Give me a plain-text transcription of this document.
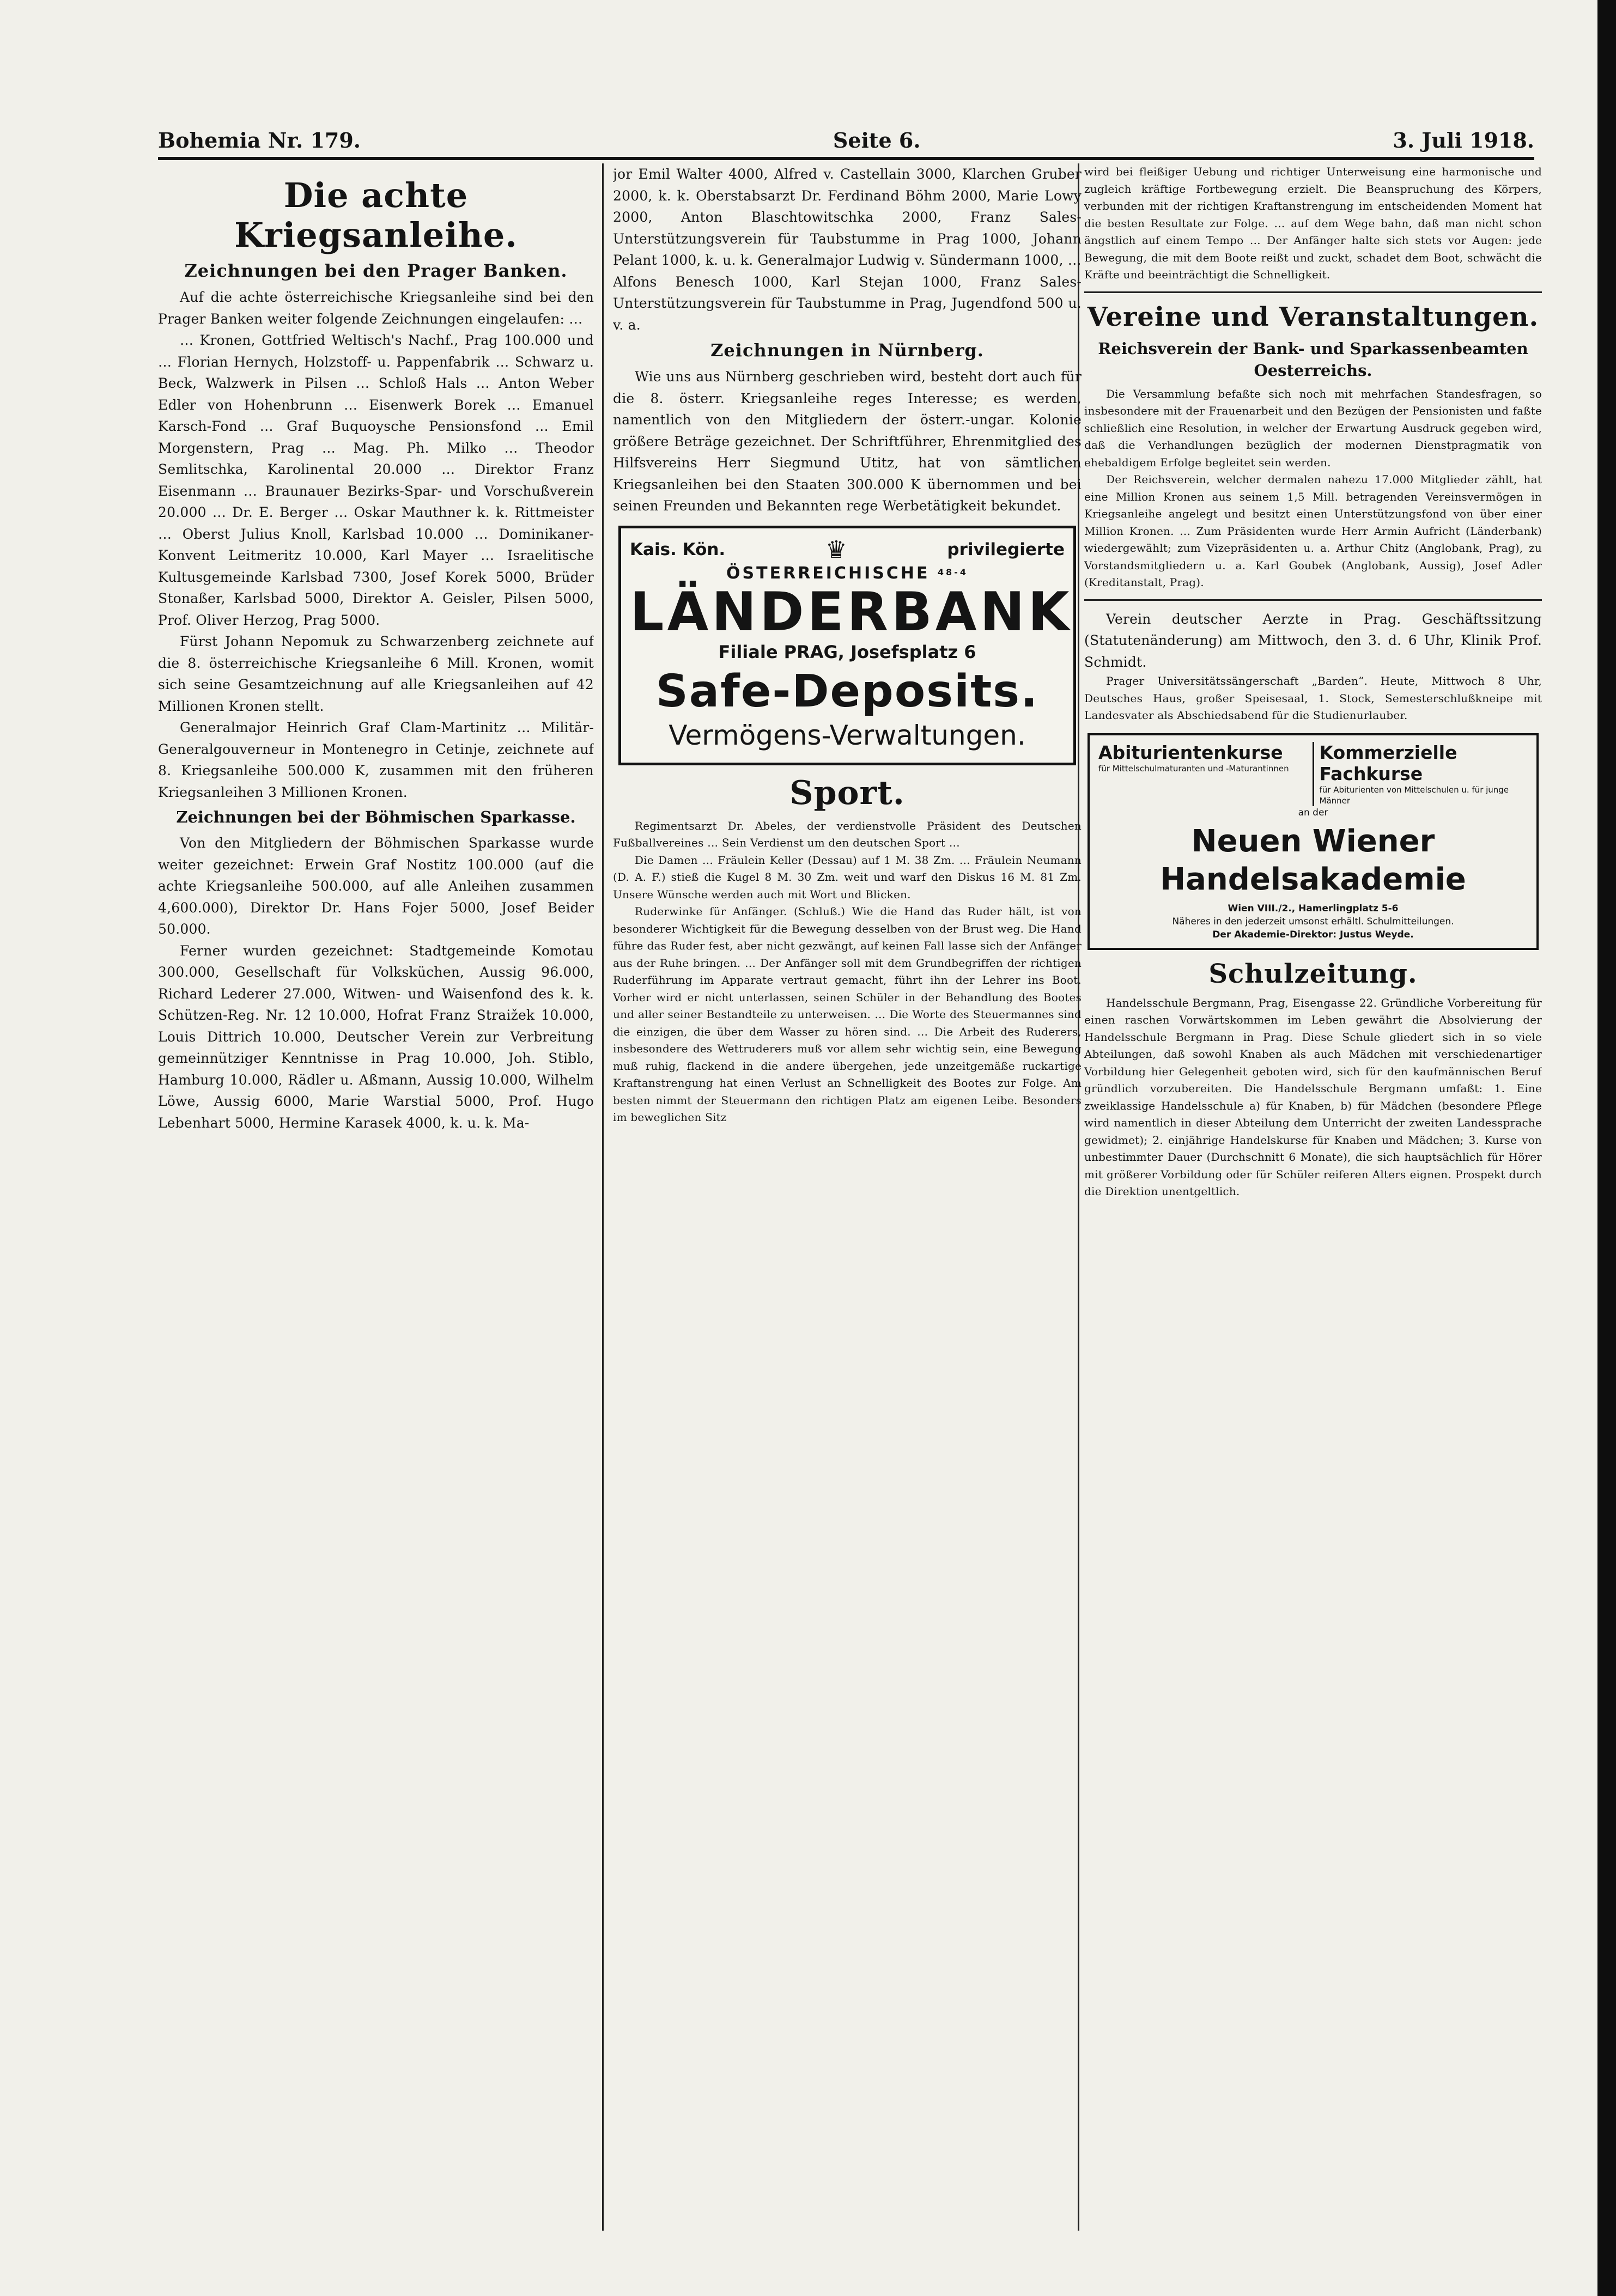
Bohemia Nr. 179.	Seite 6.	3. Juli 1918.
Die achte Kriegsanleihe.
Zeichnungen bei den Prager Banken.

Auf die achte österreichische Kriegsanleihe sind bei den Prager Banken weiter folgende Zeichnungen eingelaufen: …

… Kronen, Gottfried Weltisch's Nachf., Prag 100.000 und … Florian Hernych, Holzstoff- u. Pappenfabrik … Schwarz u. Beck, Walzwerk in Pilsen … Schloß Hals … Anton Weber Edler von Hohenbrunn … Eisenwerk Borek … Emanuel Karsch-Fond … Graf Buquoysche Pensionsfond … Emil Morgenstern, Prag … Mag. Ph. Milko … Theodor Semlitschka, Karolinental 20.000 … Direktor Franz Eisenmann … Braunauer Bezirks-Spar- und Vorschußverein 20.000 … Dr. E. Berger … Oskar Mauthner k. k. Rittmeister … Oberst Julius Knoll, Karlsbad 10.000 … Dominikaner-Konvent Leitmeritz 10.000, Karl Mayer … Israelitische Kultusgemeinde Karlsbad 7300, Josef Korek 5000, Brüder Stonaßer, Karlsbad 5000, Direktor A. Geisler, Pilsen 5000, Prof. Oliver Herzog, Prag 5000.

Fürst Johann Nepomuk zu Schwarzenberg zeichnete auf die 8. österreichische Kriegsanleihe 6 Mill. Kronen, womit sich seine Gesamtzeichnung auf alle Kriegsanleihen auf 42 Millionen Kronen stellt.

Generalmajor Heinrich Graf Clam-Martinitz … Militär-Generalgouverneur in Montenegro in Cetinje, zeichnete auf 8. Kriegsanleihe 500.000 K, zusammen mit den früheren Kriegsanleihen 3 Millionen Kronen.

Zeichnungen bei der Böhmischen Sparkasse.

Von den Mitgliedern der Böhmischen Sparkasse wurde weiter gezeichnet: Erwein Graf Nostitz 100.000 (auf die achte Kriegsanleihe 500.000, auf alle Anleihen zusammen 4,600.000), Direktor Dr. Hans Fojer 5000, Josef Beider 50.000.

Ferner wurden gezeichnet: Stadtgemeinde Komotau 300.000, Gesellschaft für Volksküchen, Aussig 96.000, Richard Lederer 27.000, Witwen- und Waisenfond des k. k. Schützen-Reg. Nr. 12 10.000, Hofrat Franz Straižek 10.000, Louis Dittrich 10.000, Deutscher Verein zur Verbreitung gemeinnütziger Kenntnisse in Prag 10.000, Joh. Stiblo, Hamburg 10.000, Rädler u. Aßmann, Aussig 10.000, Wilhelm Löwe, Aussig 6000, Marie Warstial 5000, Prof. Hugo Lebenhart 5000, Hermine Karasek 4000, k. u. k. Ma-

jor Emil Walter 4000, Alfred v. Castellain 3000, Klarchen Gruber 2000, k. k. Oberstabsarzt Dr. Ferdinand Böhm 2000, Marie Lowy 2000, Anton Blaschtowitschka 2000, Franz Sales-Unterstützungsverein für Taubstumme in Prag 1000, Johann Pelant 1000, k. u. k. Generalmajor Ludwig v. Sündermann 1000, … Alfons Benesch 1000, Karl Stejan 1000, Franz Sales-Unterstützungsverein für Taubstumme in Prag, Jugendfond 500 u. v. a.

Zeichnungen in Nürnberg.

Wie uns aus Nürnberg geschrieben wird, besteht dort auch für die 8. österr. Kriegsanleihe reges Interesse; es werden, namentlich von den Mitgliedern der österr.-ungar. Kolonie größere Beträge gezeichnet. Der Schriftführer, Ehrenmitglied des Hilfsvereins Herr Siegmund Utitz, hat von sämtlichen Kriegsanleihen bei den Staaten 300.000 K übernommen und bei seinen Freunden und Bekannten rege Werbetätigkeit bekundet.

Kais. Kön.	♛	privilegierte
ÖSTERREICHISCHE $^{48-4}$
LÄNDERBANK
Filiale PRAG, Josefsplatz 6
Safe-Deposits.
Vermögens-Verwaltungen.
Sport.

Regimentsarzt Dr. Abeles, der verdienstvolle Präsident des Deutschen Fußballvereines … Sein Verdienst um den deutschen Sport …

Die Damen … Fräulein Keller (Dessau) auf 1 M. 38 Zm. … Fräulein Neumann (D. A. F.) stieß die Kugel 8 M. 30 Zm. weit und warf den Diskus 16 M. 81 Zm. Unsere Wünsche werden auch mit Wort und Blicken.

Ruderwinke für Anfänger. (Schluß.) Wie die Hand das Ruder hält, ist von besonderer Wichtigkeit für die Bewegung desselben von der Brust weg. Die Hand führe das Ruder fest, aber nicht gezwängt, auf keinen Fall lasse sich der Anfänger aus der Ruhe bringen. … Der Anfänger soll mit dem Grundbegriffen der richtigen Ruderführung im Apparate vertraut gemacht, führt ihn der Lehrer ins Boot. Vorher wird er nicht unterlassen, seinen Schüler in der Behandlung des Bootes und aller seiner Bestandteile zu unterweisen. … Die Worte des Steuermannes sind die einzigen, die über dem Wasser zu hören sind. … Die Arbeit des Ruderers, insbesondere des Wettruderers muß vor allem sehr wichtig sein, eine Bewegung muß ruhig, flackend in die andere übergehen, jede unzeitgemäße ruckartige Kraftanstrengung hat einen Verlust an Schnelligkeit des Bootes zur Folge. Am besten nimmt der Steuermann den richtigen Platz am eigenen Leibe. Besonders im beweglichen Sitz

wird bei fleißiger Uebung und richtiger Unterweisung eine harmonische und zugleich kräftige Fortbewegung erzielt. Die Beanspruchung des Körpers, verbunden mit der richtigen Kraftanstrengung im entscheidenden Moment hat die besten Resultate zur Folge. … auf dem Wege bahn, daß man nicht schon ängstlich auf einem Tempo … Der Anfänger halte sich stets vor Augen: jede Bewegung, die mit dem Boote reißt und zuckt, schadet dem Boot, schwächt die Kräfte und beeinträchtigt die Schnelligkeit.

Vereine und Veranstaltungen.
Reichsverein der Bank- und Sparkassenbeamten Oesterreichs.

Die Versammlung befaßte sich noch mit mehrfachen Standesfragen, so insbesondere mit der Frauenarbeit und den Bezügen der Pensionisten und faßte schließlich eine Resolution, in welcher der Erwartung Ausdruck gegeben wird, daß die Verhandlungen bezüglich der modernen Dienstpragmatik von ehebaldigem Erfolge begleitet sein werden.

Der Reichsverein, welcher dermalen nahezu 17.000 Mitglieder zählt, hat eine Million Kronen aus seinem 1,5 Mill. betragenden Vereinsvermögen in Kriegsanleihe angelegt und besitzt einen Unterstützungsfond von über einer Million Kronen. … Zum Präsidenten wurde Herr Armin Aufricht (Länderbank) wiedergewählt; zum Vizepräsidenten u. a. Arthur Chitz (Anglobank, Prag), zu Vorstandsmitgliedern u. a. Karl Goubek (Anglobank, Aussig), Josef Adler (Kreditanstalt, Prag).

Verein deutscher Aerzte in Prag. Geschäftssitzung (Statutenänderung) am Mittwoch, den 3. d. 6 Uhr, Klinik Prof. Schmidt.

Prager Universitätssängerschaft „Barden“. Heute, Mittwoch 8 Uhr, Deutsches Haus, großer Speisesaal, 1. Stock, Semesterschlußkneipe mit Landesvater als Abschiedsabend für die Studienurlauber.

Abiturientenkurse
für Mittelschulmaturanten und -Maturantinnen
Kommerzielle Fachkurse
für Abiturienten von Mittelschulen u. für junge Männer
an der
Neuen Wiener Handelsakademie
Wien VIII./2., Hamerlingplatz 5-6
Näheres in den jederzeit umsonst erhältl. Schulmitteilungen.
Der Akademie-Direktor: Justus Weyde.
Schulzeitung.

Handelsschule Bergmann, Prag, Eisengasse 22. Gründliche Vorbereitung für einen raschen Vorwärtskommen im Leben gewährt die Absolvierung der Handelsschule Bergmann in Prag. Diese Schule gliedert sich in so viele Abteilungen, daß sowohl Knaben als auch Mädchen mit verschiedenartiger Vorbildung hier Gelegenheit geboten wird, sich für den kaufmännischen Beruf gründlich vorzubereiten. Die Handelsschule Bergmann umfaßt: 1. Eine zweiklassige Handelsschule a) für Knaben, b) für Mädchen (besondere Pflege wird namentlich in dieser Abteilung dem Unterricht der zweiten Landessprache gewidmet); 2. einjährige Handelskurse für Knaben und Mädchen; 3. Kurse von unbestimmter Dauer (Durchschnitt 6 Monate), die sich hauptsächlich für Hörer mit größerer Vorbildung oder für Schüler reiferen Alters eignen. Prospekt durch die Direktion unentgeltlich.
